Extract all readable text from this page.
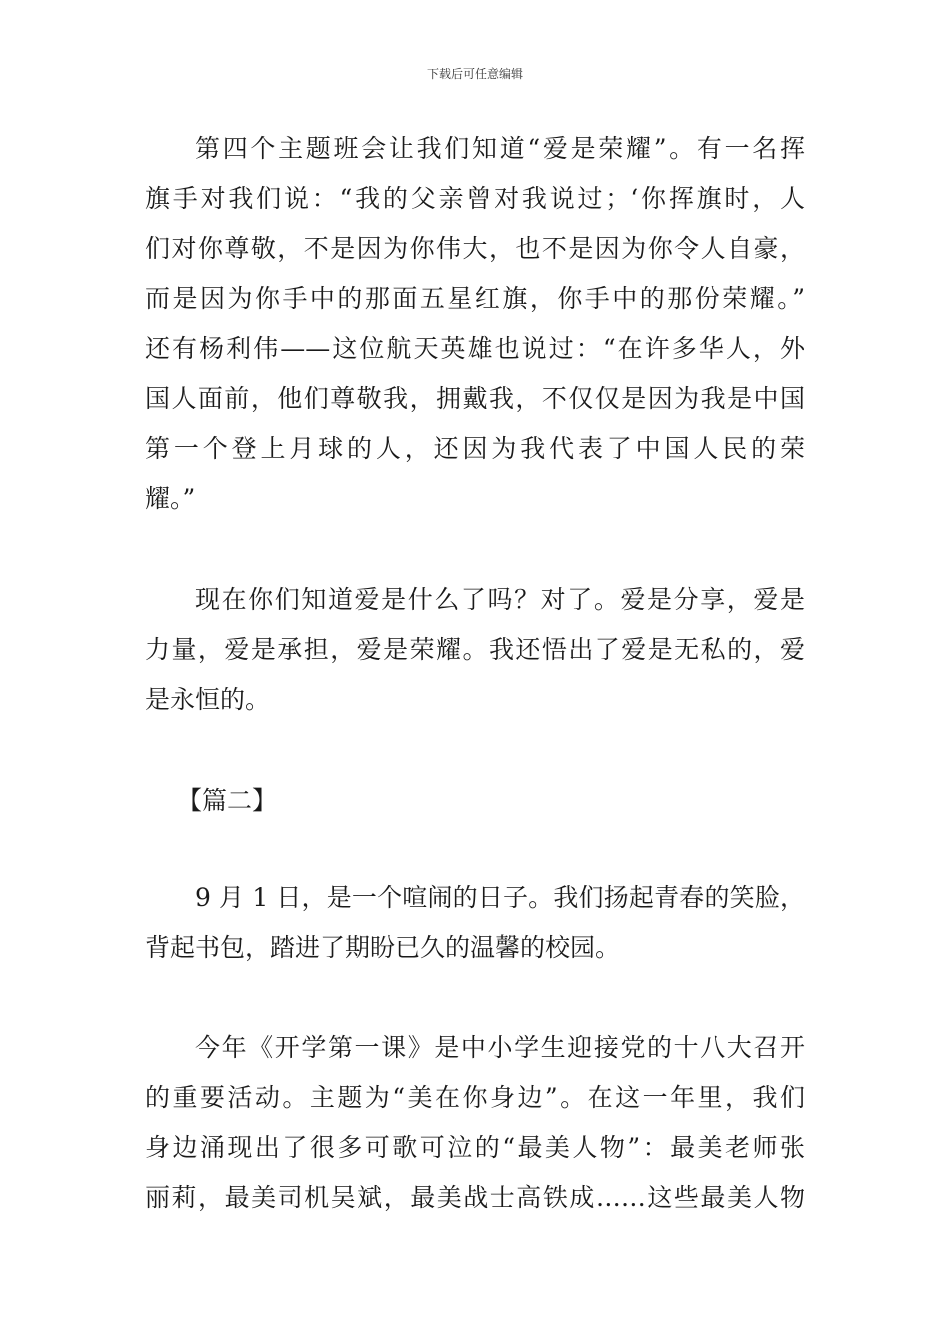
下载后可任意编辑
第四个主题班会让我们知道“爱是荣耀”。有一名挥
旗手对我们说：“我的父亲曾对我说过；‘你挥旗时，人
们对你尊敬，不是因为你伟大，也不是因为你令人自豪，
而是因为你手中的那面五星红旗，你手中的那份荣耀。”
还有杨利伟——这位航天英雄也说过：“在许多华人，外
国人面前，他们尊敬我，拥戴我，不仅仅是因为我是中国
第一个登上月球的人，还因为我代表了中国人民的荣
耀。”
现在你们知道爱是什么了吗？对了。爱是分享，爱是
力量，爱是承担，爱是荣耀。我还悟出了爱是无私的，爱
是永恒的。
【篇二】
9 月 1 日，是一个喧闹的日子。我们扬起青春的笑脸，
背起书包，踏进了期盼已久的温馨的校园。
今年《开学第一课》是中小学生迎接党的十八大召开
的重要活动。主题为“美在你身边”。在这一年里，我们
身边涌现出了很多可歌可泣的“最美人物”：最美老师张
丽莉，最美司机吴斌，最美战士高铁成……这些最美人物
